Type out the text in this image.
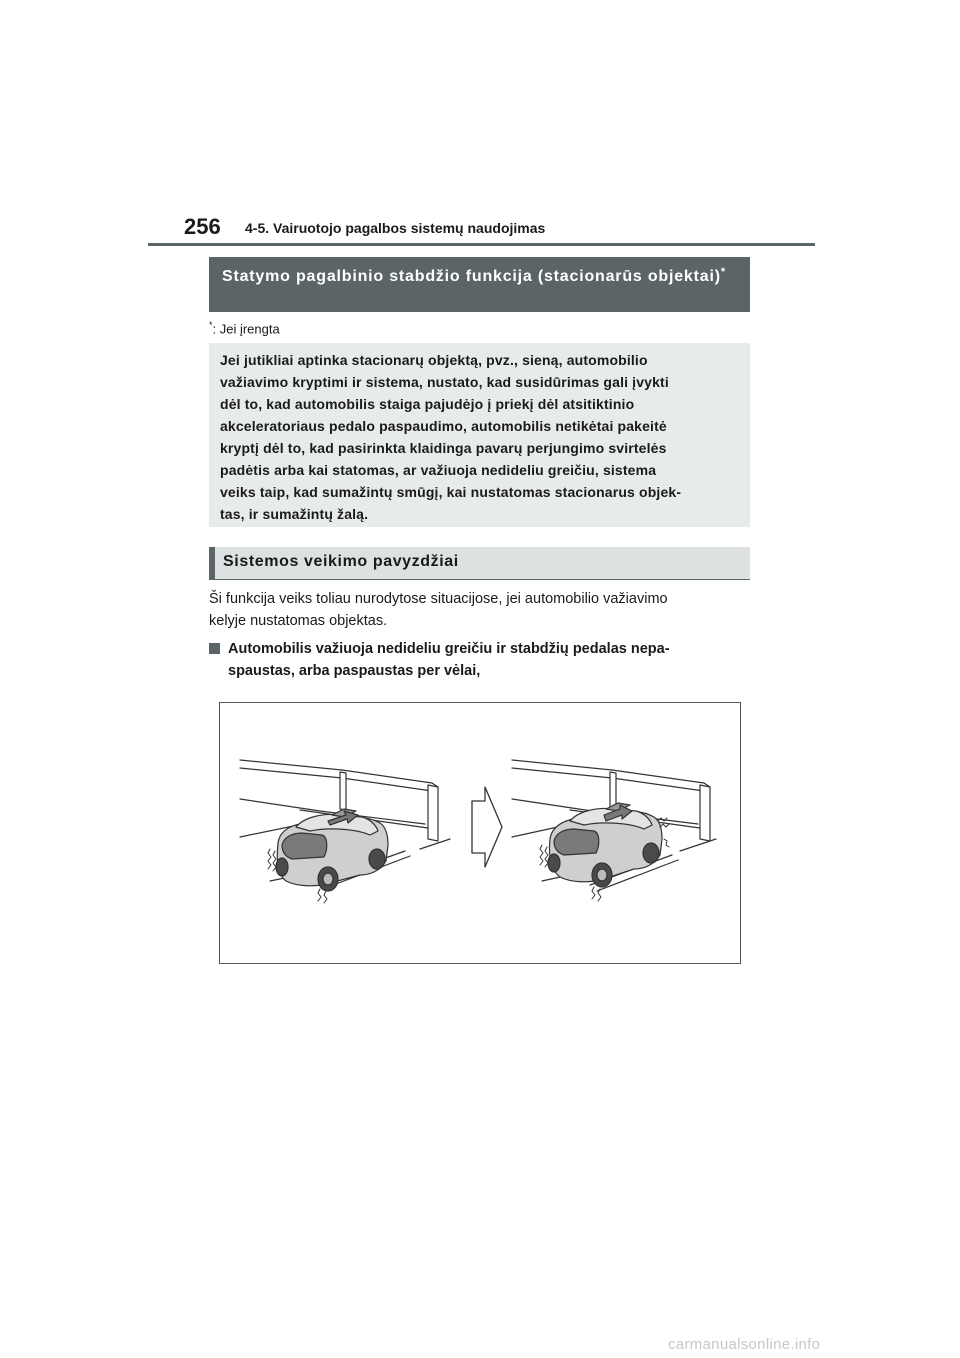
256 4-5. Vairuotojo pagalbos sistemų naudojimas
Statymo pagalbinio stabdžio funkcija (stacionarūs objektai)*
*: Jei įrengta
Jei jutikliai aptinka stacionarų objektą, pvz., sieną, automobilio
važiavimo kryptimi ir sistema, nustato, kad susidūrimas gali įvykti
dėl to, kad automobilis staiga pajudėjo į priekį dėl atsitiktinio
akceleratoriaus pedalo paspaudimo, automobilis netikėtai pakeitė
kryptį dėl to, kad pasirinkta klaidinga pavarų perjungimo svirtelės
padėtis arba kai statomas, ar važiuoja nedideliu greičiu, sistema
veiks taip, kad sumažintų smūgį, kai nustatomas stacionarus objek-
tas, ir sumažintų žalą.
Sistemos veikimo pavyzdžiai
Ši funkcija veiks toliau nurodytose situacijose, jei automobilio važiavimo
kelyje nustatomas objektas.
Automobilis važiuoja nedideliu greičiu ir stabdžių pedalas nepa-
spaustas, arba paspaustas per vėlai,
carmanualsonline.info
